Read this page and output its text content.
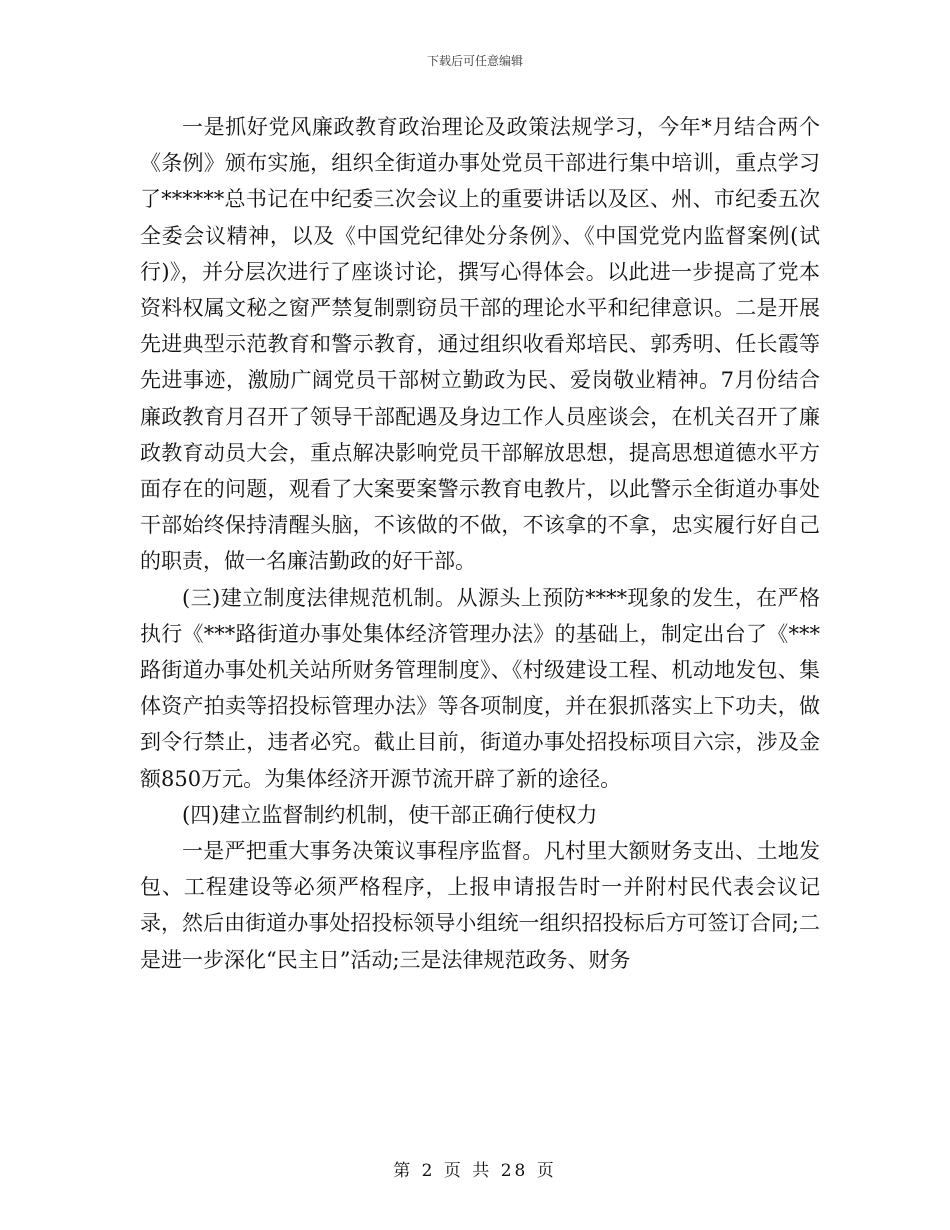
下载后可任意编辑

一是抓好党风廉政教育政治理论及政策法规学习，今年*月结合两个《条例》颁布实施，组织全街道办事处党员干部进行集中培训，重点学习了******总书记在中纪委三次会议上的重要讲话以及区、州、市纪委五次全委会议精神，以及《中国党纪律处分条例》、《中国党党内监督案例(试行)》，并分层次进行了座谈讨论，撰写心得体会。以此进一步提高了党本资料权属文秘之窗严禁复制剽窃员干部的理论水平和纪律意识。二是开展先进典型示范教育和警示教育，通过组织收看郑培民、郭秀明、任长霞等先进事迹，激励广阔党员干部树立勤政为民、爱岗敬业精神。7月份结合廉政教育月召开了领导干部配遇及身边工作人员座谈会，在机关召开了廉政教育动员大会，重点解决影响党员干部解放思想，提高思想道德水平方面存在的问题，观看了大案要案警示教育电教片，以此警示全街道办事处干部始终保持清醒头脑，不该做的不做，不该拿的不拿，忠实履行好自己的职责，做一名廉洁勤政的好干部。

(三)建立制度法律规范机制。从源头上预防****现象的发生，在严格执行《***路街道办事处集体经济管理办法》的基础上，制定出台了《***路街道办事处机关站所财务管理制度》、《村级建设工程、机动地发包、集体资产拍卖等招投标管理办法》等各项制度，并在狠抓落实上下功夫，做到令行禁止，违者必究。截止目前，街道办事处招投标项目六宗，涉及金额850万元。为集体经济开源节流开辟了新的途径。

(四)建立监督制约机制，使干部正确行使权力

一是严把重大事务决策议事程序监督。凡村里大额财务支出、土地发包、工程建设等必须严格程序，上报申请报告时一并附村民代表会议记录，然后由街道办事处招投标领导小组统一组织招投标后方可签订合同;二是进一步深化“民主日”活动;三是法律规范政务、财务

第 2 页 共 28 页
